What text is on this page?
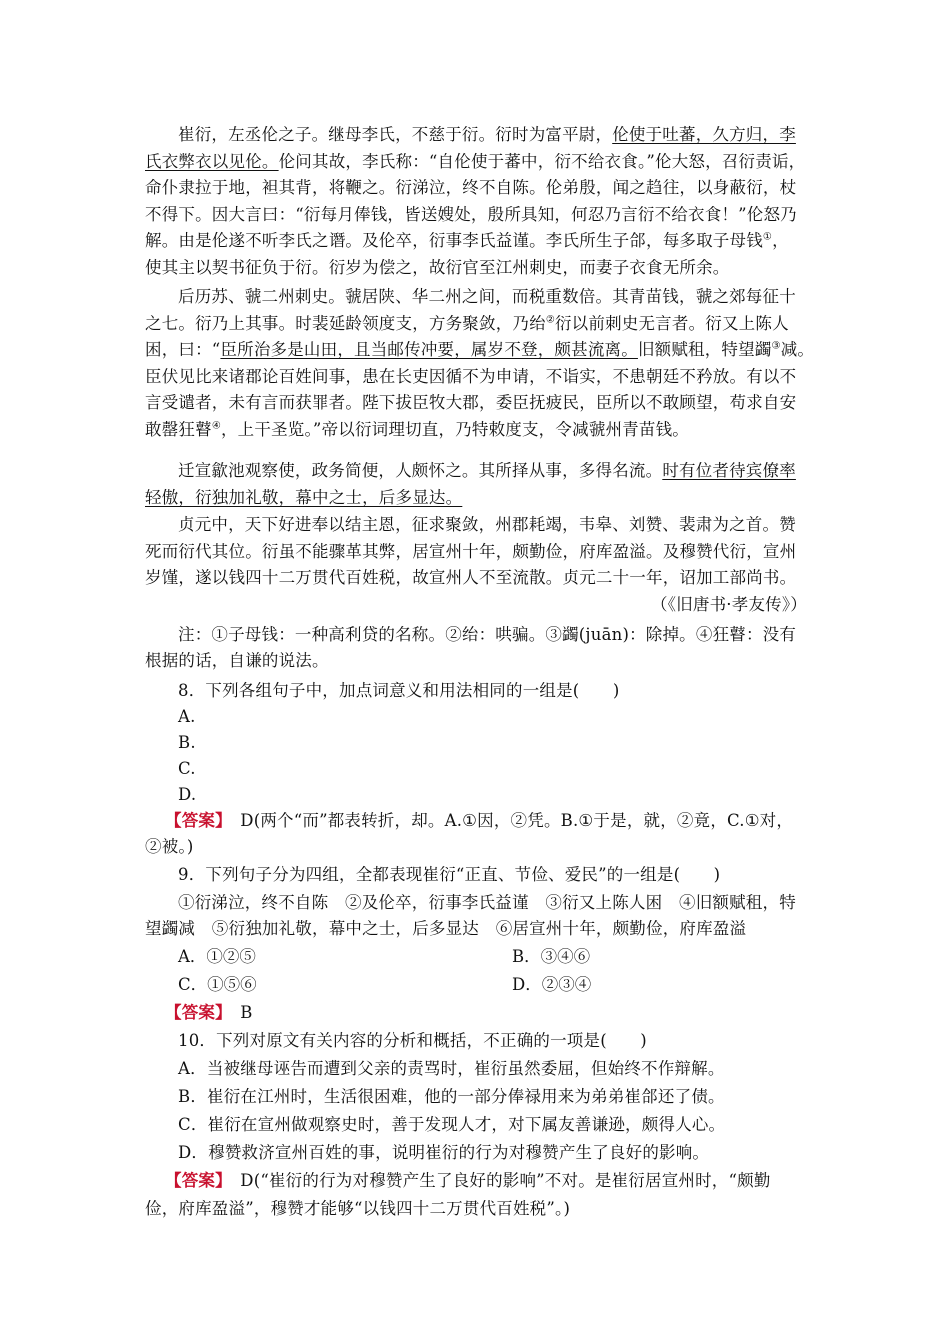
崔衍，左丞伦之子。继母李氏，不慈于衍。衍时为富平尉，伦使于吐蕃，久方归，李
氏衣弊衣以见伦。伦问其故，李氏称：“自伦使于蕃中，衍不给衣食。”伦大怒，召衍责诟，
命仆隶拉于地，袒其背，将鞭之。衍涕泣，终不自陈。伦弟殷，闻之趋往，以身蔽衍，杖
不得下。因大言曰：“衍每月俸钱，皆送嫂处，殷所具知，何忍乃言衍不给衣食！”伦怒乃
解。由是伦遂不听李氏之谮。及伦卒，衍事李氏益谨。李氏所生子郃，每多取子母钱①，
使其主以契书征负于衍。衍岁为偿之，故衍官至江州刺史，而妻子衣食无所余。
后历苏、虢二州刺史。虢居陕、华二州之间，而税重数倍。其青苗钱，虢之郊每征十
之七。衍乃上其事。时裴延龄领度支，方务聚敛，乃绐②衍以前刺史无言者。衍又上陈人
困，曰：“臣所治多是山田，且当邮传冲要，属岁不登，颇甚流离。旧额赋租，特望蠲③减。
臣伏见比来诸郡论百姓间事，患在长吏因循不为申请，不诣实，不患朝廷不矜放。有以不
言受谴者，未有言而获罪者。陛下拔臣牧大郡，委臣抚疲民，臣所以不敢顾望，苟求自安
敢罄狂瞽④，上干圣览。”帝以衍词理切直，乃特敕度支，令减虢州青苗钱。
迁宣歙池观察使，政务简便，人颇怀之。其所择从事，多得名流。时有位者待宾僚率
轻傲，衍独加礼敬，幕中之士，后多显达。
贞元中，天下好进奉以结主恩，征求聚敛，州郡耗竭，韦皋、刘赞、裴肃为之首。赞
死而衍代其位。衍虽不能骤革其弊，居宣州十年，颇勤俭，府库盈溢。及穆赞代衍，宣州
岁馑，遂以钱四十二万贯代百姓税，故宣州人不至流散。贞元二十一年，诏加工部尚书。
（《旧唐书·孝友传》）
注：①子母钱：一种高利贷的名称。②绐：哄骗。③蠲(juān)：除掉。④狂瞽：没有
根据的话，自谦的说法。
8．下列各组句子中，加点词意义和用法相同的一组是(　　)
A.
B.
C.
D.
【答案】　D(两个“而”都表转折，却。A.①因，②凭。B.①于是，就，②竟，C.①对，
②被。)
9．下列句子分为四组，全都表现崔衍“正直、节俭、爱民”的一组是(　　)
①衍涕泣，终不自陈　②及伦卒，衍事李氏益谨　③衍又上陈人困　④旧额赋租，特
望蠲减　⑤衍独加礼敬，幕中之士，后多显达　⑥居宣州十年，颇勤俭，府库盈溢
A．①②⑤	B．③④⑥
C．①⑤⑥	D．②③④
【答案】　B
10．下列对原文有关内容的分析和概括，不正确的一项是(　　)
A．当被继母诬告而遭到父亲的责骂时，崔衍虽然委屈，但始终不作辩解。
B．崔衍在江州时，生活很困难，他的一部分俸禄用来为弟弟崔郃还了债。
C．崔衍在宣州做观察史时，善于发现人才，对下属友善谦逊，颇得人心。
D．穆赞救济宣州百姓的事，说明崔衍的行为对穆赞产生了良好的影响。
【答案】　D(“崔衍的行为对穆赞产生了良好的影响”不对。是崔衍居宣州时，“颇勤
俭，府库盈溢”，穆赞才能够“以钱四十二万贯代百姓税”。)
